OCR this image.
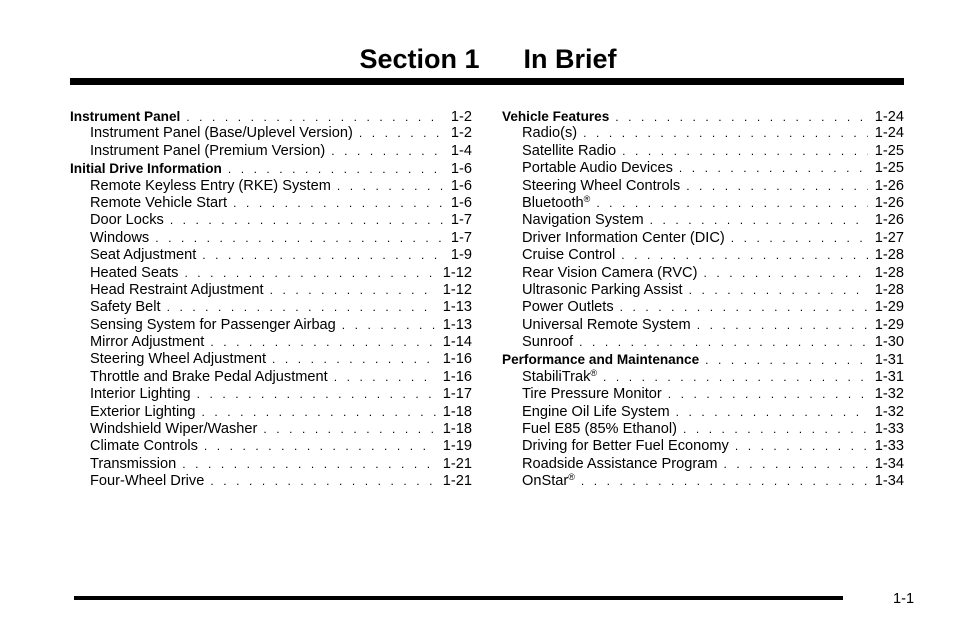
Section 1 In Brief
Instrument Panel . . .	1-2
Instrument Panel (Base/Uplevel Version) . . .	1-2
Instrument Panel (Premium Version) . . .	1-4
Initial Drive Information . . .	1-6
Remote Keyless Entry (RKE) System . . .	1-6
Remote Vehicle Start . . .	1-6
Door Locks . . .	1-7
Windows . . .	1-7
Seat Adjustment . . .	1-9
Heated Seats . . .	1-12
Head Restraint Adjustment . . .	1-12
Safety Belt . . .	1-13
Sensing System for Passenger Airbag . . .	1-13
Mirror Adjustment . . .	1-14
Steering Wheel Adjustment . . .	1-16
Throttle and Brake Pedal Adjustment . . .	1-16
Interior Lighting . . .	1-17
Exterior Lighting . . .	1-18
Windshield Wiper/Washer . . .	1-18
Climate Controls . . .	1-19
Transmission . . .	1-21
Four-Wheel Drive . . .	1-21
Vehicle Features . . .	1-24
Radio(s) . . .	1-24
Satellite Radio . . .	1-25
Portable Audio Devices . . .	1-25
Steering Wheel Controls . . .	1-26
Bluetooth® . . .	1-26
Navigation System . . .	1-26
Driver Information Center (DIC) . . .	1-27
Cruise Control . . .	1-28
Rear Vision Camera (RVC) . . .	1-28
Ultrasonic Parking Assist . . .	1-28
Power Outlets . . .	1-29
Universal Remote System . . .	1-29
Sunroof . . .	1-30
Performance and Maintenance . . .	1-31
StabiliTrak® . . .	1-31
Tire Pressure Monitor . . .	1-32
Engine Oil Life System . . .	1-32
Fuel E85 (85% Ethanol) . . .	1-33
Driving for Better Fuel Economy . . .	1-33
Roadside Assistance Program . . .	1-34
OnStar® . . .	1-34
1-1
